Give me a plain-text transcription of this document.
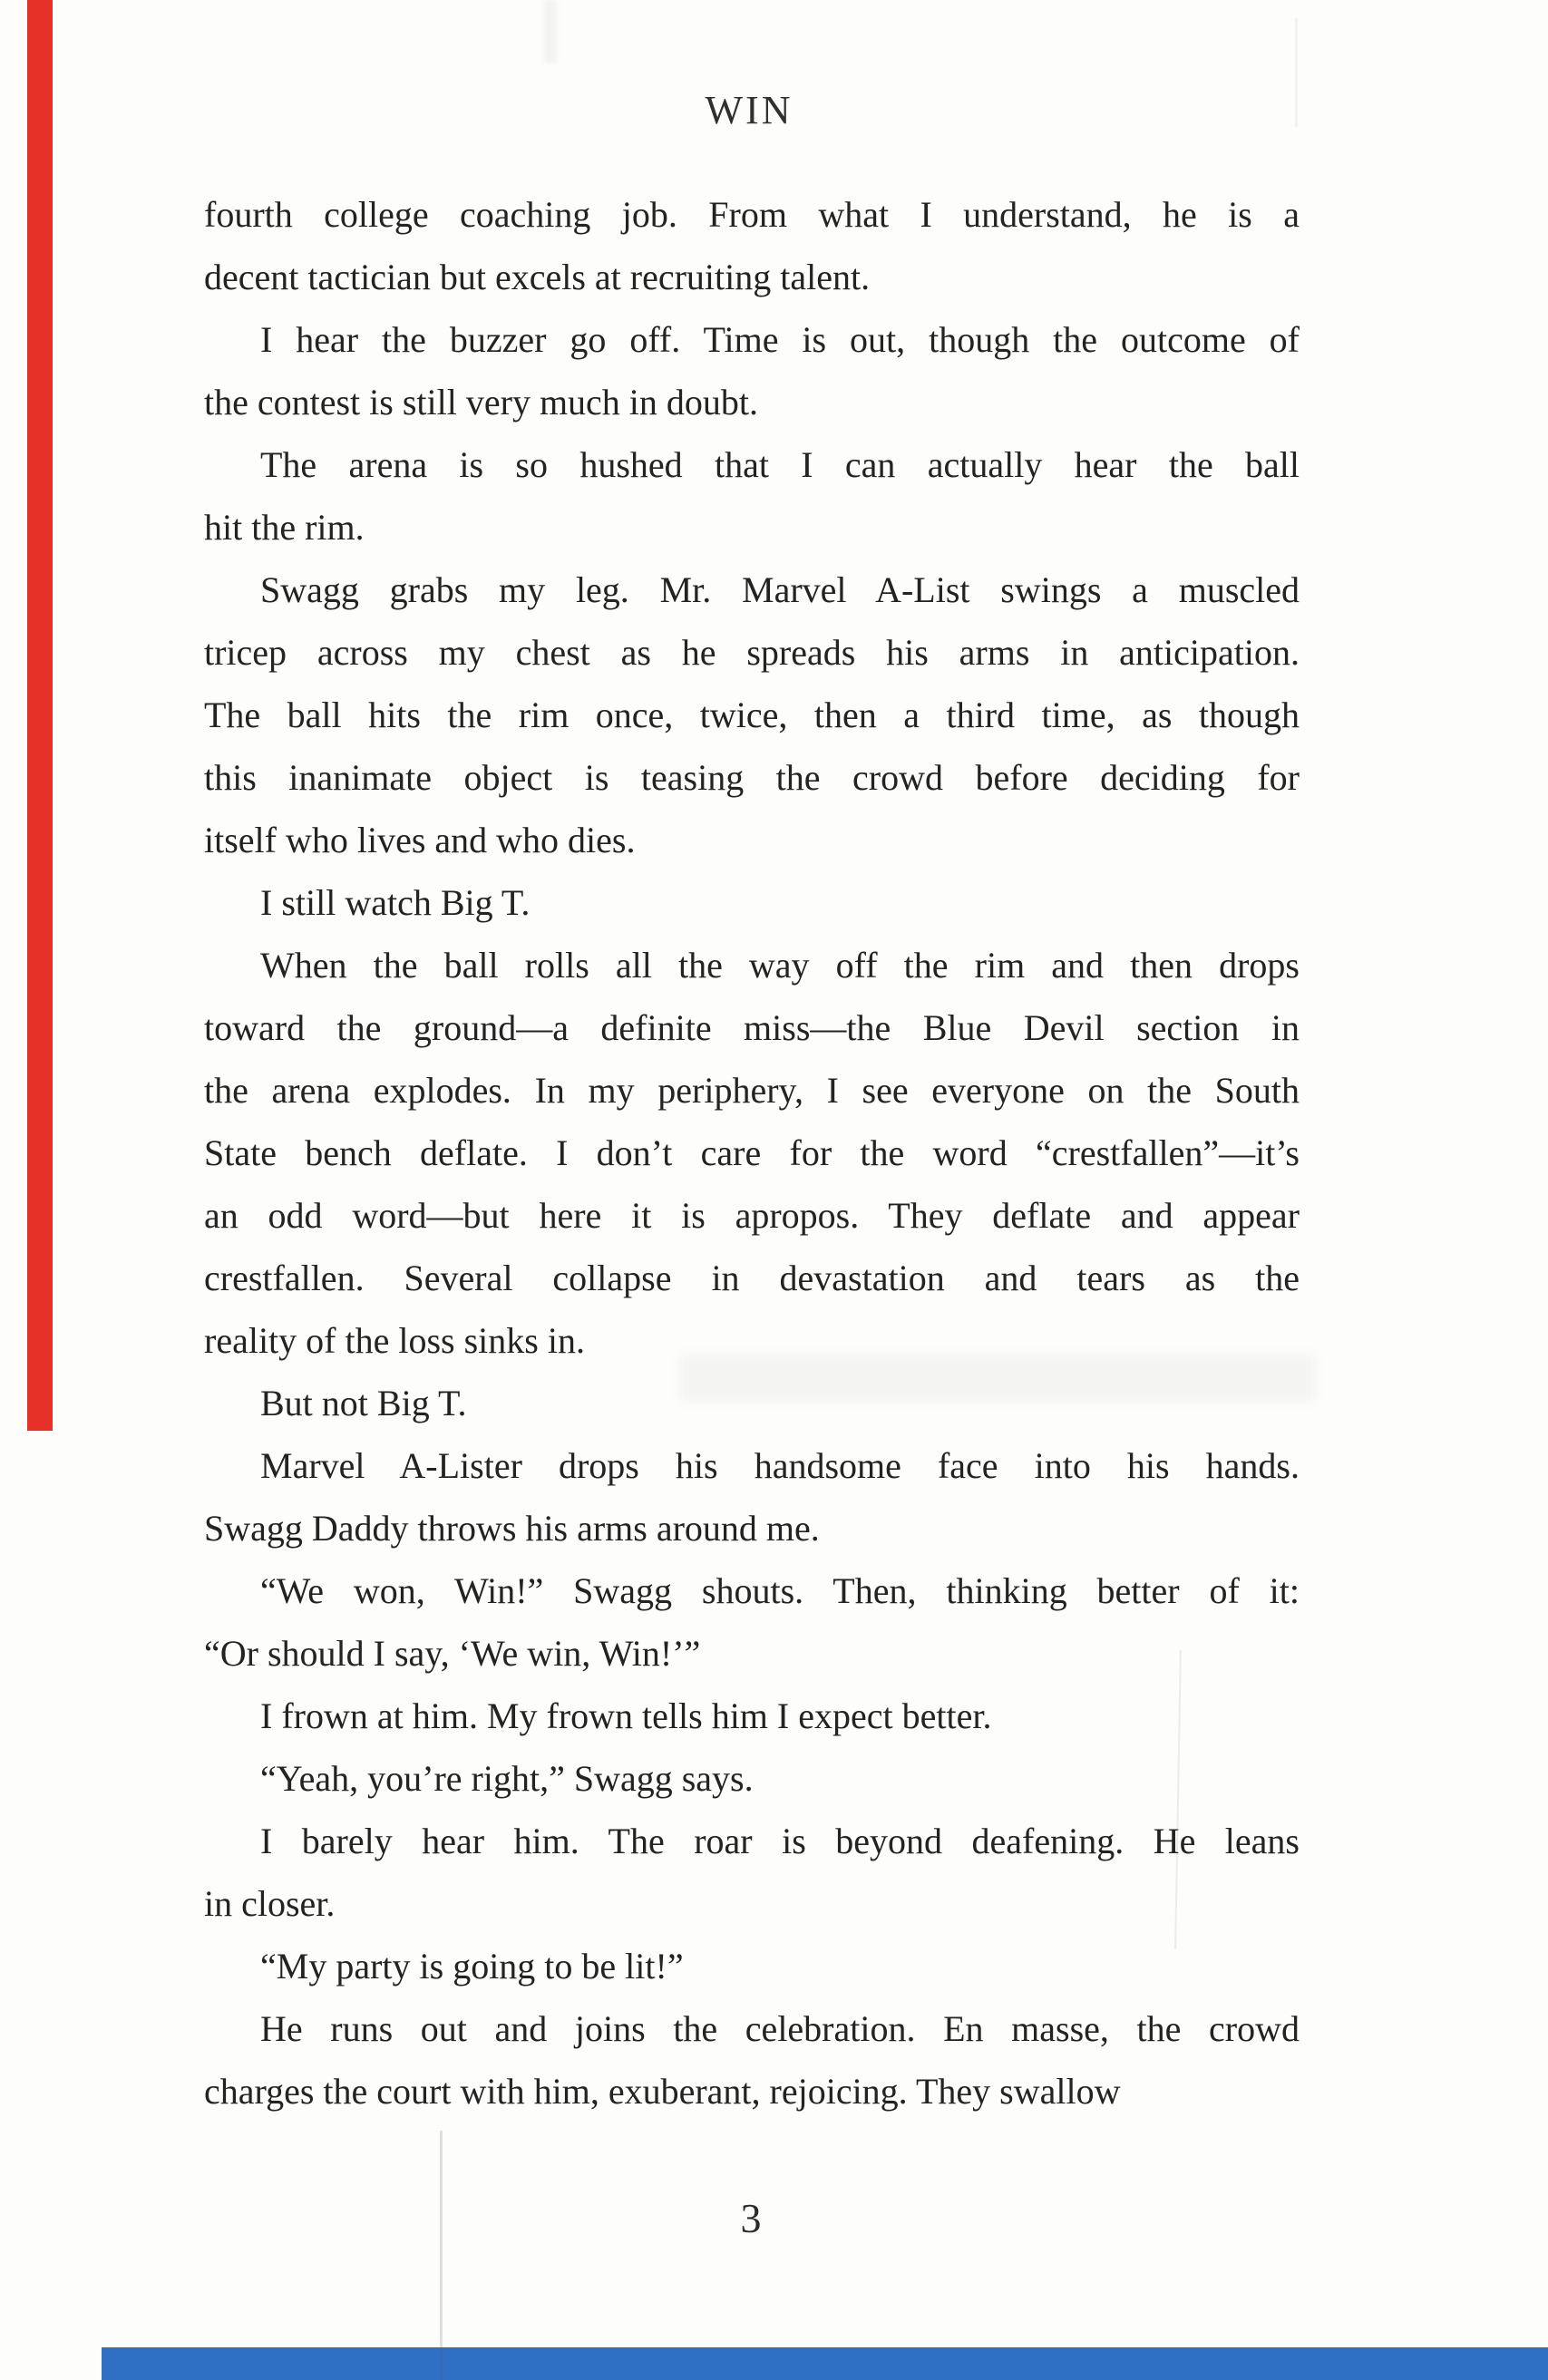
WIN
fourth college coaching job. From what I understand, he is a
decent tactician but excels at recruiting talent.
I hear the buzzer go off. Time is out, though the outcome of
the contest is still very much in doubt.
The arena is so hushed that I can actually hear the ball
hit the rim.
Swagg grabs my leg. Mr. Marvel A-List swings a muscled
tricep across my chest as he spreads his arms in anticipation.
The ball hits the rim once, twice, then a third time, as though
this inanimate object is teasing the crowd before deciding for
itself who lives and who dies.
I still watch Big T.
When the ball rolls all the way off the rim and then drops
toward the ground—a definite miss—the Blue Devil section in
the arena explodes. In my periphery, I see everyone on the South
State bench deflate. I don’t care for the word “crestfallen”—it’s
an odd word—but here it is apropos. They deflate and appear
crestfallen. Several collapse in devastation and tears as the
reality of the loss sinks in.
But not Big T.
Marvel A-Lister drops his handsome face into his hands.
Swagg Daddy throws his arms around me.
“We won, Win!” Swagg shouts. Then, thinking better of it:
“Or should I say, ‘We win, Win!’”
I frown at him. My frown tells him I expect better.
“Yeah, you’re right,” Swagg says.
I barely hear him. The roar is beyond deafening. He leans
in closer.
“My party is going to be lit!”
He runs out and joins the celebration. En masse, the crowd
charges the court with him, exuberant, rejoicing. They swallow
3
